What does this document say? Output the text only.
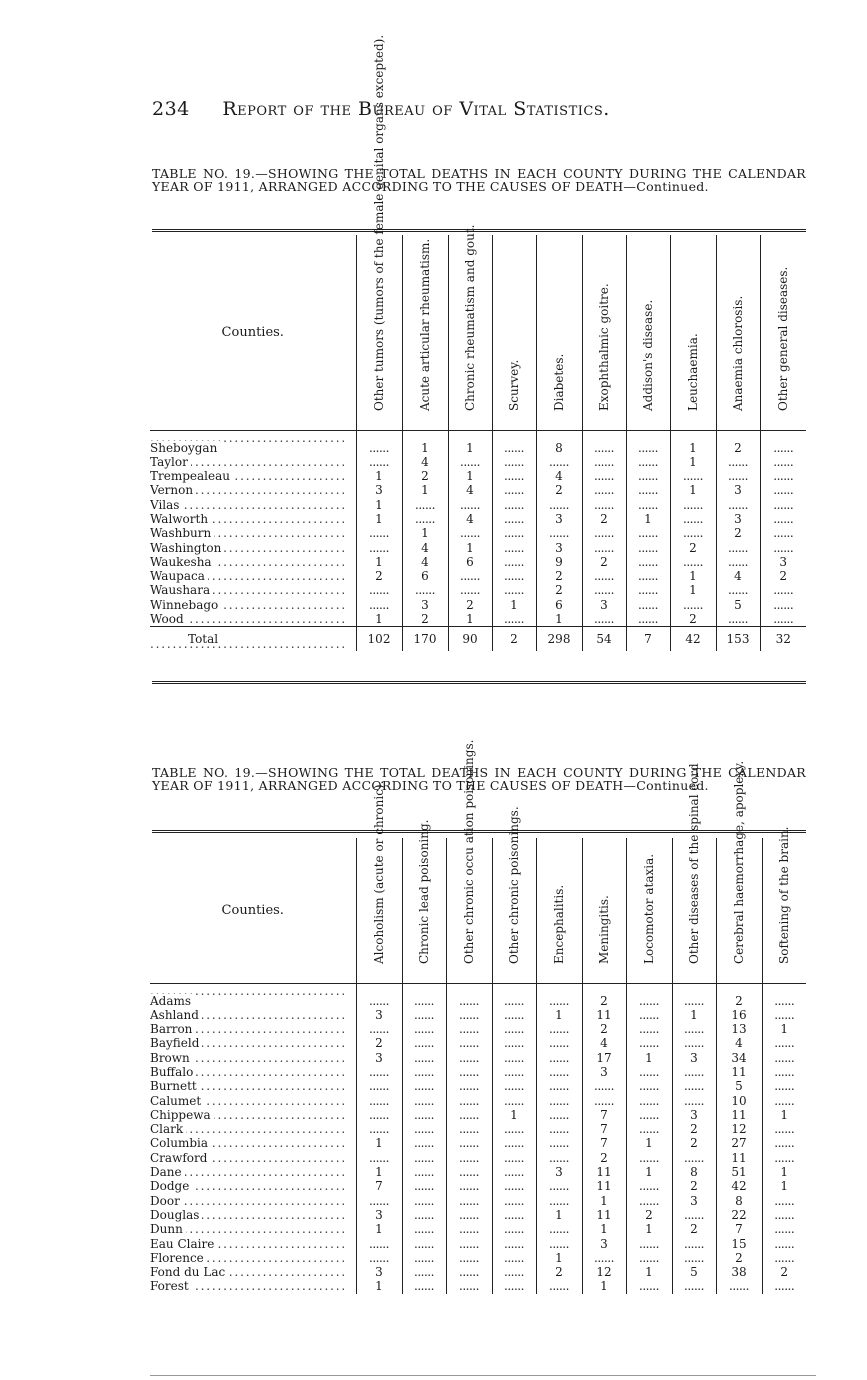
234 Report of the Bureau of Vital Statistics.
TABLE NO. 19.—SHOWING THE TOTAL DEATHS IN EACH COUNTY DURING THE CALENDAR YEAR OF 1911, ARRANGED ACCORDING TO THE CAUSES OF DEATH—Continued.
Counties.	Other tumors (tumors of the female genital organs excepted).	Acute articular rheumatism.	Chronic rheumatism and gout.	Scurvey.	Diabetes.	Exophthalmic goitre.	Addison's disease.	Leuchaemia.	Anaemia chlorosis.	Other general diseases.

Sheboygan . . .	......	1	1	......	8	......	......	1	2	......
Taylor . . .	......	4	......	......	......	......	......	1	......	......
Trempealeau . . .	1	2	1	......	4	......	......	......	......	......
Vernon . . .	3	1	4	......	2	......	......	1	3	......
Vilas . . .	1	......	......	......	......	......	......	......	......	......
Walworth . . .	1	......	4	......	3	2	1	......	3	......
Washburn . . .	......	1	......	......	......	......	......	......	2	......
Washington . . .	......	4	1	......	3	......	......	2	......	......
Waukesha . . .	1	4	6	......	9	2	......	......	......	3
Waupaca . . .	2	6	......	......	2	......	......	1	4	2
Waushara . . .	......	......	......	......	2	......	......	1	......	......
Winnebago . . .	......	3	2	1	6	3	......	......	5	......
Wood . . .	1	2	1	......	1	......	......	2	......	......
Total . . .	102	170	90	2	298	54	7	42	153	32
TABLE NO. 19.—SHOWING THE TOTAL DEATHS IN EACH COUNTY DURING THE CALENDAR YEAR OF 1911, ARRANGED ACCORDING TO THE CAUSES OF DEATH—Continued.
Counties.	Alcoholism (acute or chronic).	Chronic lead poisoning.	Other chronic occu ation poisonings.	Other chronic poisonings.	Encephalitis.	Meningitis.	Locomotor ataxia.	Other diseases of the spinal cord	Cerebral haemorrhage, apoplexy.	Softening of the brain.

Adams . . .	......	......	......	......	......	2	......	......	2	......
Ashland . . .	3	......	......	......	1	11	......	1	16	......
Barron . . .	......	......	......	......	......	2	......	......	13	1
Bayfield . . .	2	......	......	......	......	4	......	......	4	......
Brown . . .	3	......	......	......	......	17	1	3	34	......
Buffalo . . .	......	......	......	......	......	3	......	......	11	......
Burnett . . .	......	......	......	......	......	......	......	......	5	......
Calumet . . .	......	......	......	......	......	......	......	......	10	......
Chippewa . . .	......	......	......	1	......	7	......	3	11	1
Clark . . .	......	......	......	......	......	7	......	2	12	......
Columbia . . .	1	......	......	......	......	7	1	2	27	......
Crawford . . .	......	......	......	......	......	2	......	......	11	......
Dane . . .	1	......	......	......	3	11	1	8	51	1
Dodge . . .	7	......	......	......	......	11	......	2	42	1
Door . . .	......	......	......	......	......	1	......	3	8	......
Douglas . . .	3	......	......	......	1	11	2	......	22	......
Dunn . . .	1	......	......	......	......	1	1	2	7	......
Eau Claire . . .	......	......	......	......	......	3	......	......	15	......
Florence . . .	......	......	......	......	1	......	......	......	2	......
Fond du Lac . . .	3	......	......	......	2	12	1	5	38	2
Forest . . .	1	......	......	......	......	1	......	......	......	......
